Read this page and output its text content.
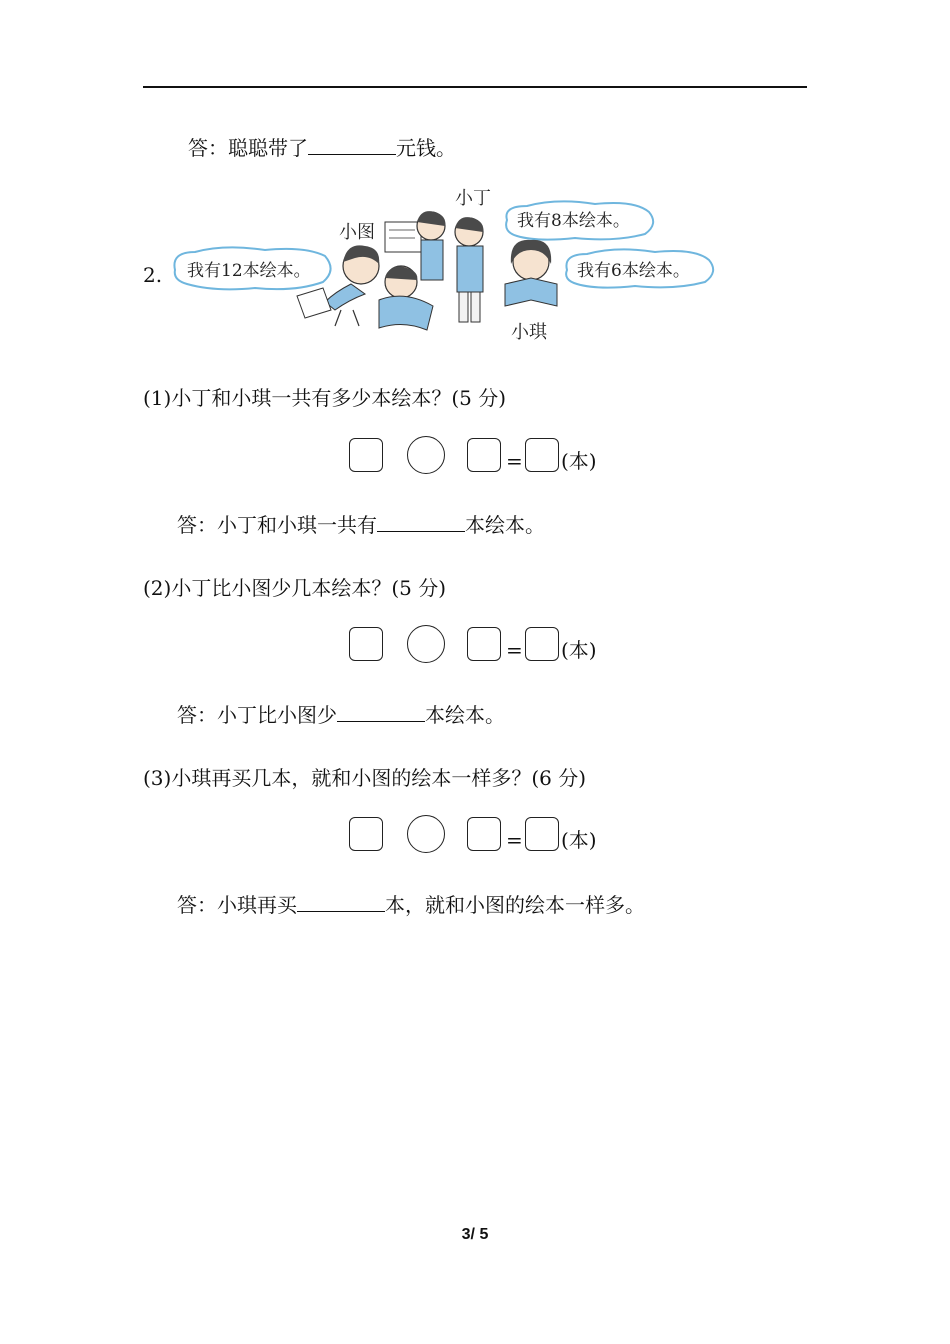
答：聪聪带了	元钱。
2. 我有12本绘本。
我有8本绘本。
我有6本绘本。
小图
小丁
小琪
(1)小丁和小琪一共有多少本绘本？(5 分)
= (本)
答：小丁和小琪一共有	本绘本。
(2)小丁比小图少几本绘本？(5 分)
= (本)
答：小丁比小图少	本绘本。
(3)小琪再买几本，就和小图的绘本一样多？(6 分)
= (本)
答：小琪再买	本，就和小图的绘本一样多。
3/ 5
